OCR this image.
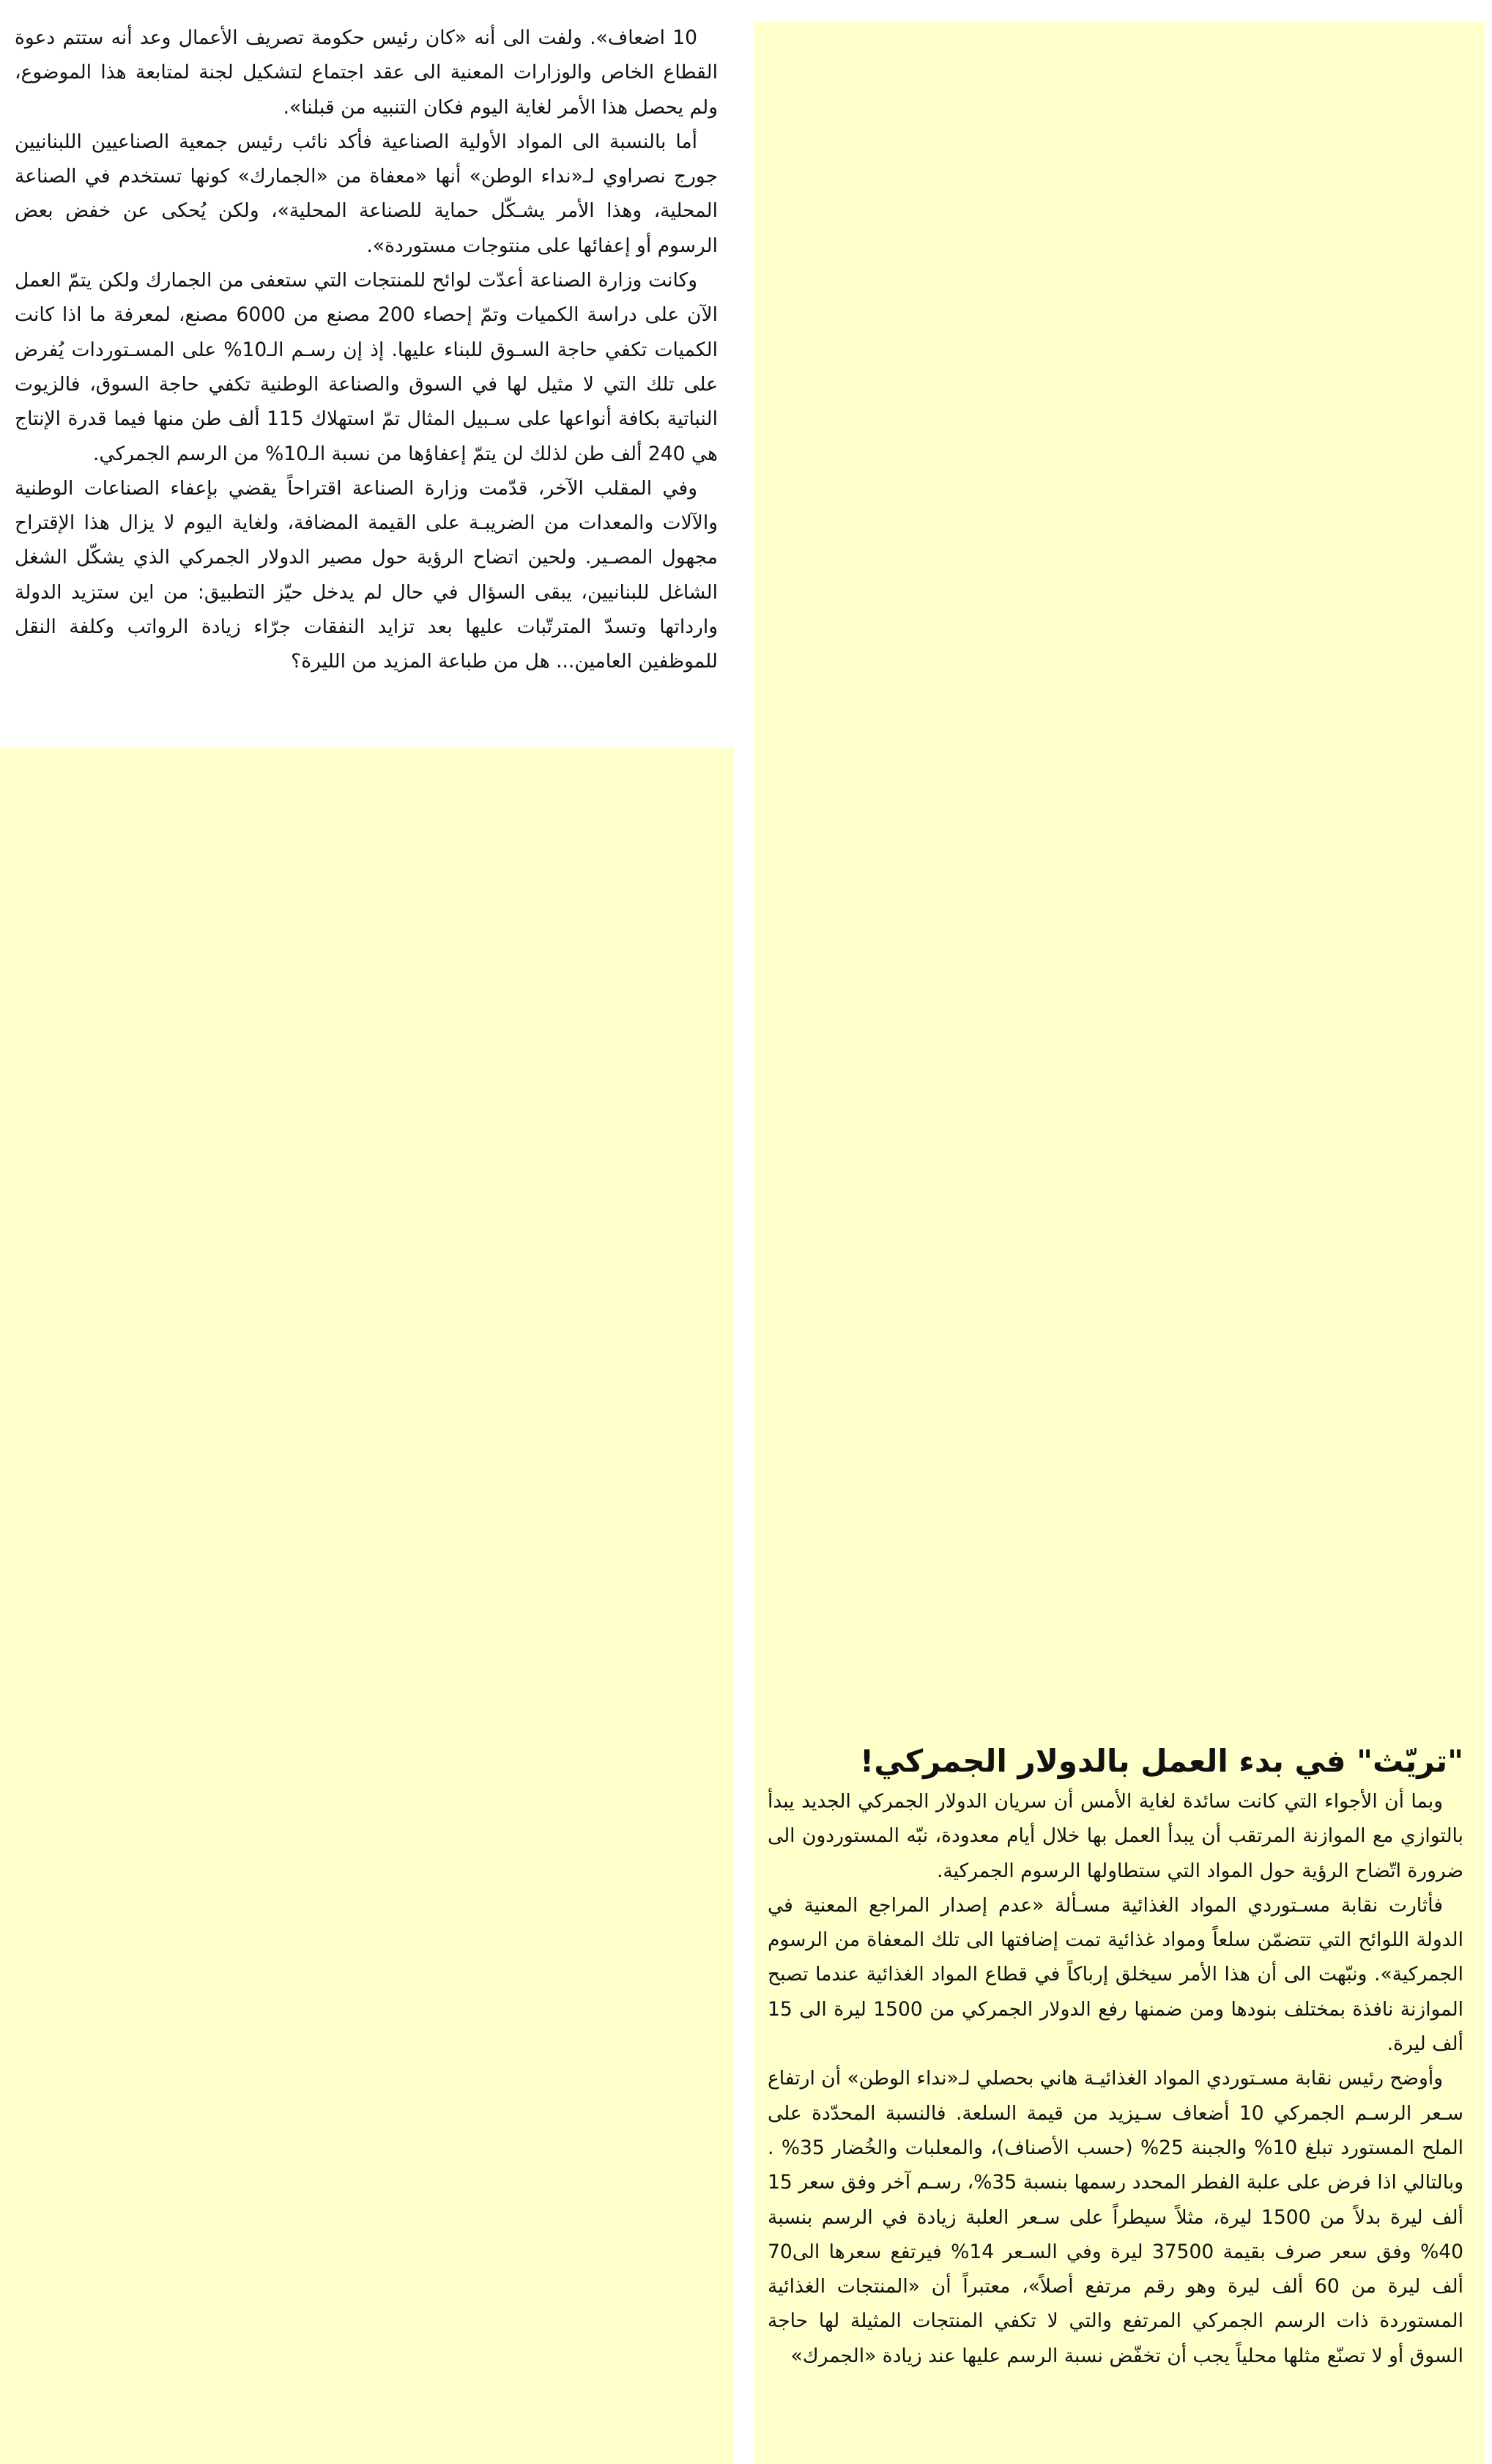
10 اضعاف». ولفت الى أنه «كان رئيس حكومة تصريف الأعمال وعد أنه ستتم دعوة القطاع الخاص والوزارات المعنية الى عقد اجتماع لتشكيل لجنة لمتابعة هذا الموضوع، ولم يحصل هذا الأمر لغاية اليوم فكان التنبيه من قبلنا».

أما بالنسبة الى المواد الأولية الصناعية فأكد نائب رئيس جمعية الصناعيين اللبنانيين جورج نصراوي لـ«نداء الوطن» أنها «معفاة من «الجمارك» كونها تستخدم في الصناعة المحلية، وهذا الأمر يشـكّل حماية للصناعة المحلية»، ولكن يُحكى عن خفض بعض الرسوم أو إعفائها على منتوجات مستوردة».

وكانت وزارة الصناعة أعدّت لوائح للمنتجات التي ستعفى من الجمارك ولكن يتمّ العمل الآن على دراسة الكميات وتمّ إحصاء 200 مصنع من 6000 مصنع، لمعرفة ما اذا كانت الكميات تكفي حاجة السـوق للبناء عليها. إذ إن رسـم الـ10% على المسـتوردات يُفرض على تلك التي لا مثيل لها في السوق والصناعة الوطنية تكفي حاجة السوق، فالزيوت النباتية بكافة أنواعها على سـبيل المثال تمّ استهلاك 115 ألف طن منها فيما قدرة الإنتاج هي 240 ألف طن لذلك لن يتمّ إعفاؤها من نسبة الـ10% من الرسم الجمركي.

وفي المقلب الآخر، قدّمت وزارة الصناعة اقتراحاً يقضي بإعفاء الصناعات الوطنية والآلات والمعدات من الضريبـة على القيمة المضافة، ولغاية اليوم لا يزال هذا الإقتراح مجهول المصـير. ولحين اتضاح الرؤية حول مصير الدولار الجمركي الذي يشكّل الشغل الشاغل للبنانيين، يبقى السؤال في حال لم يدخل حيّز التطبيق: من اين ستزيد الدولة وارداتها وتسدّ المترتّبات عليها بعد تزايد النفقات جرّاء زيادة الرواتب وكلفة النقل للموظفين العامين... هل من طباعة المزيد من الليرة؟

"تريّث" في بدء العمل بالدولار الجمركي!

وبما أن الأجواء التي كانت سائدة لغاية الأمس أن سريان الدولار الجمركي الجديد يبدأ بالتوازي مع الموازنة المرتقب أن يبدأ العمل بها خلال أيام معدودة، نبّه المستوردون الى ضرورة اتّضاح الرؤية حول المواد التي ستطاولها الرسوم الجمركية.

فأثارت نقابة مسـتوردي المواد الغذائية مسـألة «عدم إصدار المراجع المعنية في الدولة اللوائح التي تتضمّن سلعاً ومواد غذائية تمت إضافتها الى تلك المعفاة من الرسوم الجمركية». ونبّهت الى أن هذا الأمر سيخلق إرباكاً في قطاع المواد الغذائية عندما تصبح الموازنة نافذة بمختلف بنودها ومن ضمنها رفع الدولار الجمركي من 1500 ليرة الى 15 ألف ليرة.

وأوضح رئيس نقابة مسـتوردي المواد الغذائيـة هاني بحصلي لـ«نداء الوطن» أن ارتفاع سـعر الرسـم الجمركي 10 أضعاف سـيزيد من قيمة السلعة. فالنسبة المحدّدة على الملح المستورد تبلغ 10% والجبنة 25% (حسب الأصناف)، والمعلبات والخُضار 35% . وبالتالي اذا فرض على علبة الفطر المحدد رسمها بنسبة 35%، رسـم آخر وفق سعر 15 ألف ليرة بدلاً من 1500 ليرة، مثلاً سيطراً على سـعر العلبة زيادة في الرسم بنسبة 40% وفق سعر صرف بقيمة 37500 ليرة وفي السـعر 14% فيرتفع سعرها الى70 ألف ليرة من 60 ألف ليرة وهو رقم مرتفع أصلاً»، معتبراً أن «المنتجات الغذائية المستوردة ذات الرسم الجمركي المرتفع والتي لا تكفي المنتجات المثيلة لها حاجة السوق أو لا تصنّع مثلها محلياً يجب أن تخفّض نسبة الرسم عليها عند زيادة «الجمرك»
